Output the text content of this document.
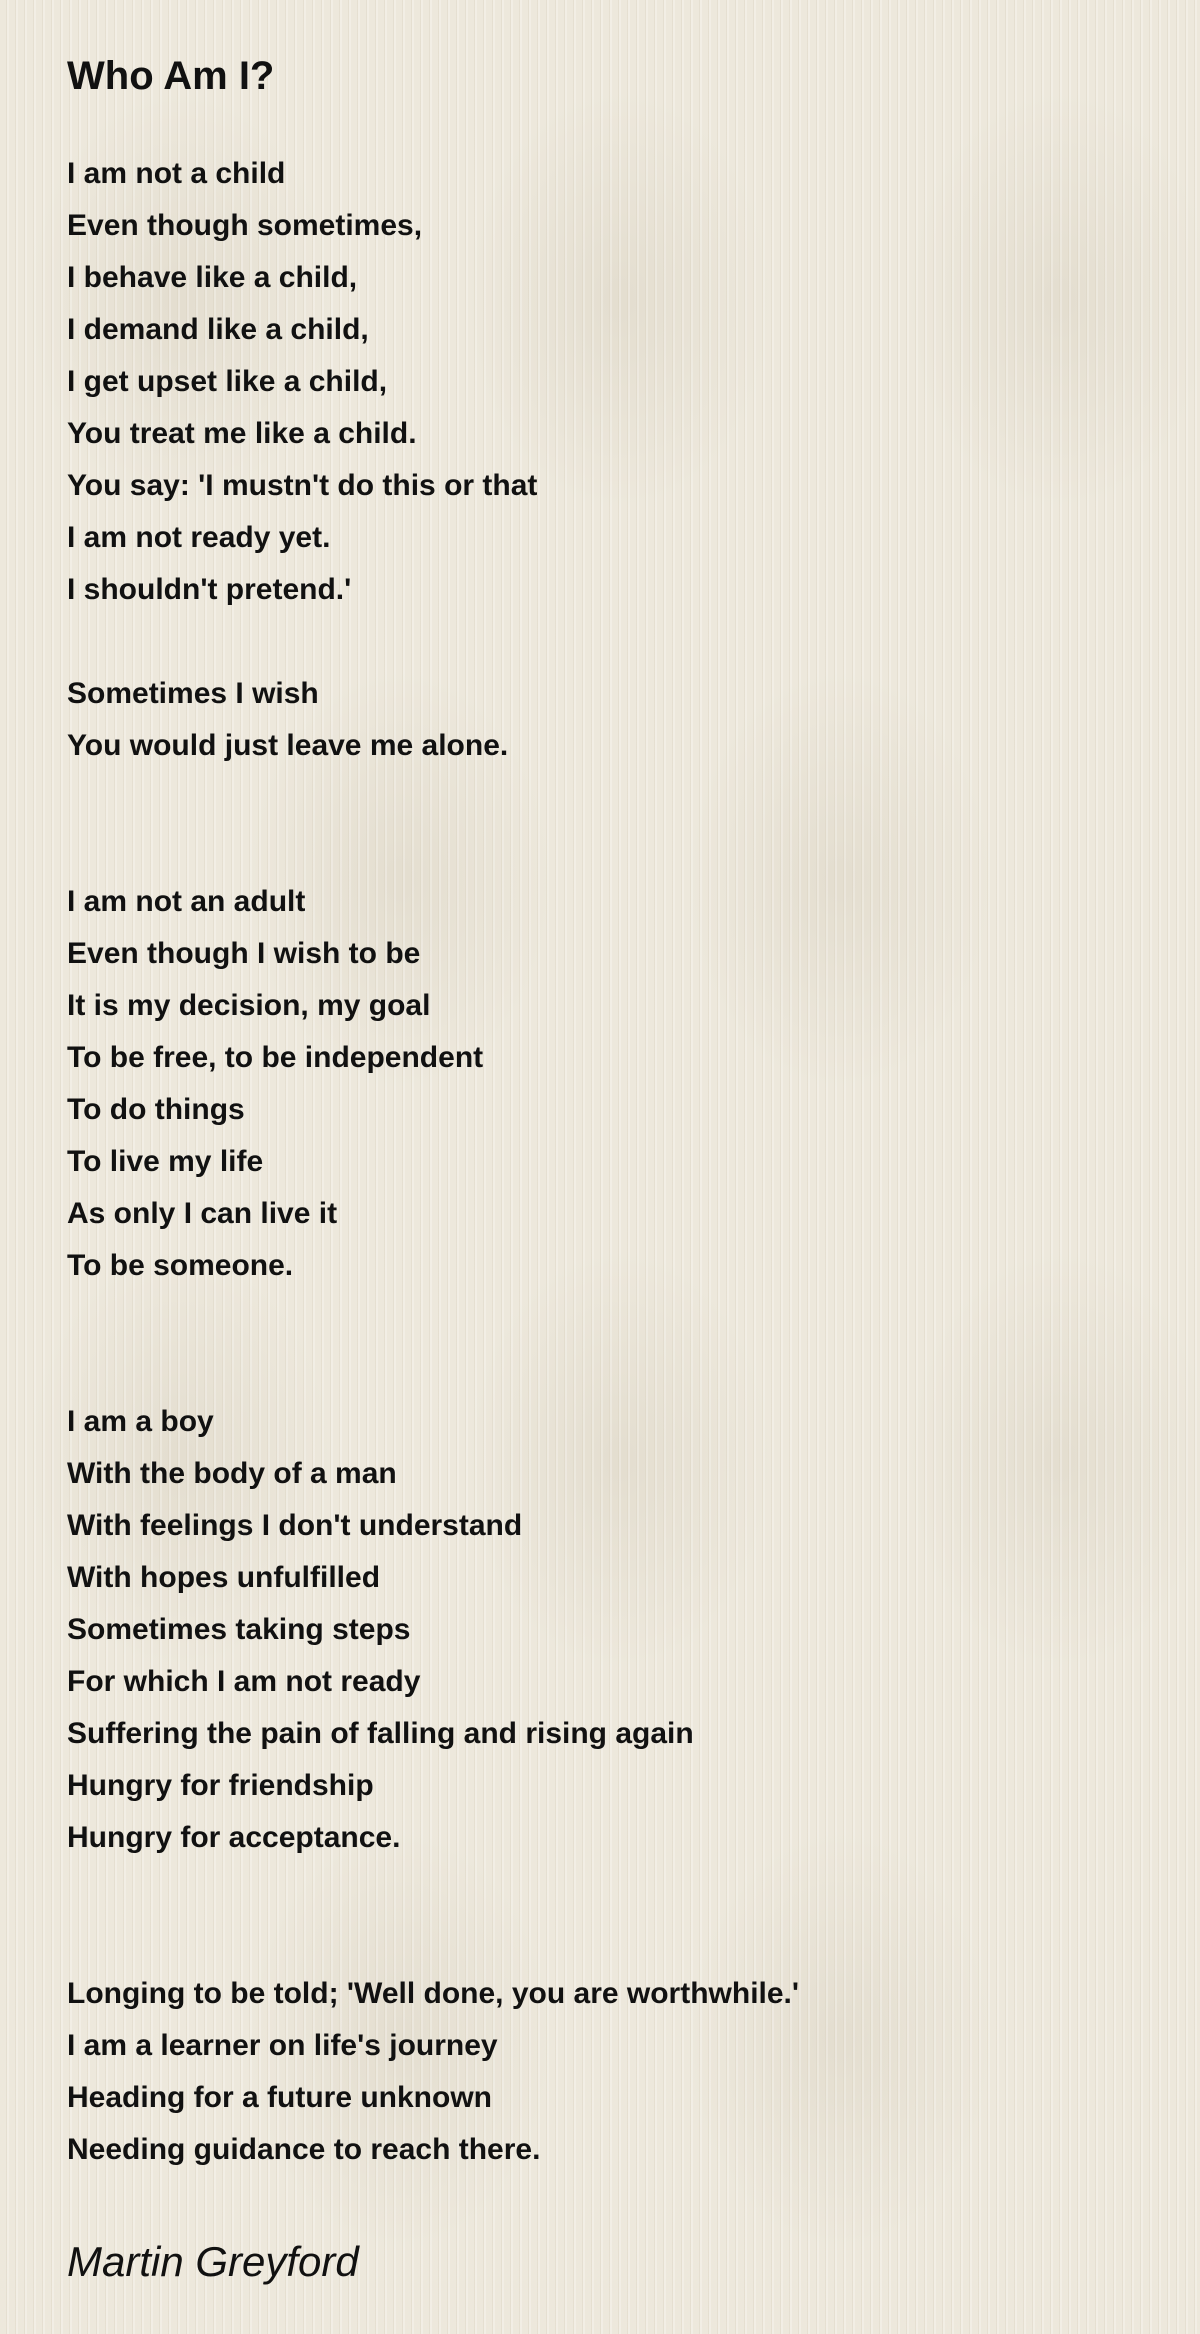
Who Am I?

I am not a child
Even though sometimes,
I behave like a child,
I demand like a child,
I get upset like a child,
You treat me like a child.
You say: 'I mustn't do this or that
I am not ready yet.
I shouldn't pretend.'

Sometimes I wish
You would just leave me alone.

I am not an adult
Even though I wish to be
It is my decision, my goal
To be free, to be independent
To do things
To live my life
As only I can live it
To be someone.

I am a boy
With the body of a man
With feelings I don't understand
With hopes unfulfilled
Sometimes taking steps
For which I am not ready
Suffering the pain of falling and rising again
Hungry for friendship
Hungry for acceptance.

Longing to be told; 'Well done, you are worthwhile.'
I am a learner on life's journey
Heading for a future unknown
Needing guidance to reach there.

Martin Greyford
